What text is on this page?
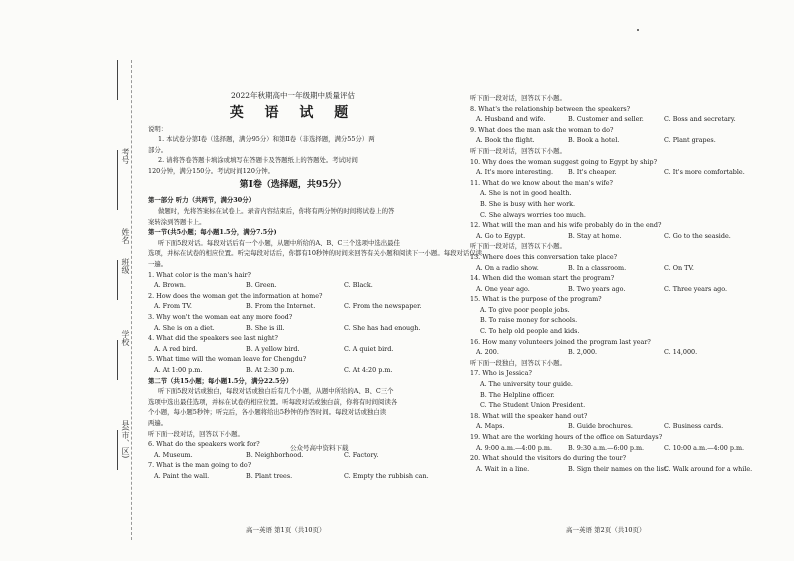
考号
姓名
班级
学校
县(市、区)
2022年秋期高中一年级期中质量评估
英 语 试 题
说明：
1. 本试卷分第Ⅰ卷（选择题，满分95分）和第Ⅱ卷（非选择题，满分55分）两
部分。
2. 请将答卷答题卡填涂或填写在答题卡及答题纸上的答题处。考试时间
120分钟，满分150分。考试时间120分钟。
第Ⅰ卷（选择题，共95分）
第一部分 听力（共两节，满分30分）
做题时，先将答案标在试卷上。录音内容结束后，你将有两分钟的时间将试卷上的答
案转涂到答题卡上。
第一节(共5小题；每小题1.5分，满分7.5分)
听下面5段对话。每段对话后有一个小题，从题中所给的A、B、C三个选项中选出最佳
选项，并标在试卷的相应位置。听完每段对话后，你都有10秒钟的时间来回答有关小题和阅读下一小题。每段对话仅读
一遍。
1. What color is the man's hair?
A. Brown.	B. Green.	C. Black.
2. How does the woman get the information at home?
A. From TV.	B. From the Internet.	C. From the newspaper.
3. Why won't the woman eat any more food?
A. She is on a diet.	B. She is ill.	C. She has had enough.
4. What did the speakers see last night?
A. A red bird.	B. A yellow bird.	C. A quiet bird.
5. What time will the woman leave for Chengdu?
A. At 1:00 p.m.	B. At 2:30 p.m.	C. At 4:20 p.m.
第二节（共15小题；每小题1.5分，满分22.5分）
听下面5段对话或独白，每段对话或独白后有几个小题，从题中所给的A、B、C三个
选项中选出最佳选项，并标在试卷的相应位置。听每段对话或独白前，你将有时间阅读各
个小题，每小题5秒钟；听完后，各小题将给出5秒钟的作答时间。每段对话或独白读
两遍。
听下面一段对话，回答以下小题。
6. What do the speakers work for?
A. Museum.	B. Neighborhood.	C. Factory.
7. What is the man going to do?
A. Paint the wall.	B. Plant trees.	C. Empty the rubbish can.
公众号高中资料下载
听下面一段对话，回答以下小题。
8. What's the relationship between the speakers?
A. Husband and wife.	B. Customer and seller.	C. Boss and secretary.
9. What does the man ask the woman to do?
A. Book the flight.	B. Book a hotel.	C. Plant grapes.
听下面一段对话，回答以下小题。
10. Why does the woman suggest going to Egypt by ship?
A. It's more interesting. B. It's cheaper.	C. It's more comfortable.
11. What do we know about the man's wife?
A. She is not in good health.
B. She is busy with her work.
C. She always worries too much.
12. What will the man and his wife probably do in the end?
A. Go to Egypt.	B. Stay at home.	C. Go to the seaside.
听下面一段对话，回答以下小题。
13. Where does this conversation take place?
A. On a radio show.	B. In a classroom.	C. On TV.
14. When did the woman start the program?
A. One year ago.	B. Two years ago.	C. Three years ago.
15. What is the purpose of the program?
A. To give poor people jobs.
B. To raise money for schools.
C. To help old people and kids.
16. How many volunteers joined the program last year?
A. 200.	B. 2,000.	C. 14,000.
听下面一段独白，回答以下小题。
17. Who is Jessica?
A. The university tour guide.
B. The Helpline officer.
C. The Student Union President.
18. What will the speaker hand out?
A. Maps.	B. Guide brochures.	C. Business cards.
19. What are the working hours of the office on Saturdays?
A. 9:00 a.m.—4:00 p.m.	B. 9:30 a.m.—6:00 p.m.	C. 10:00 a.m.—4:00 p.m.
20. What should the visitors do during the tour?
A. Wait in a line.	B. Sign their names on the list.
C. Walk around for a while.
高一英语 第1页（共10页）	高一英语 第2页（共10页）
